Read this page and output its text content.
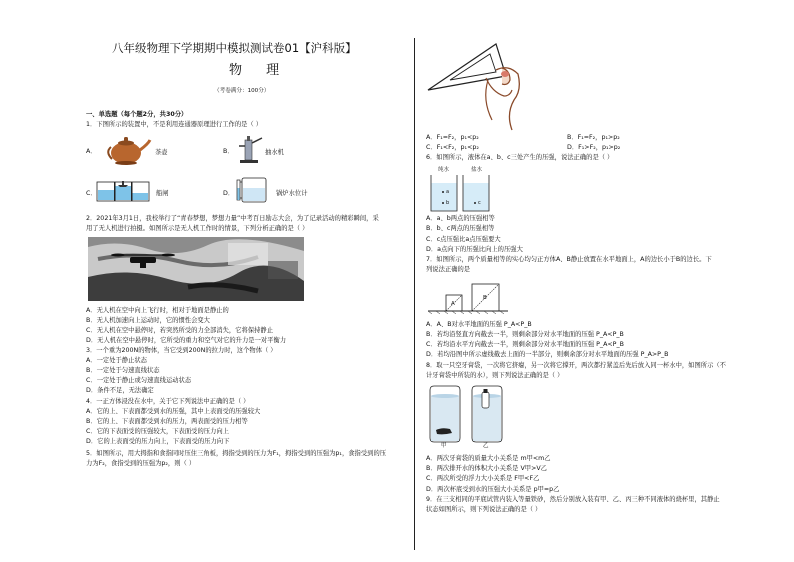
八年级物理下学期期中模拟测试卷01【沪科版】
物 理
（考卷满分：100分）
一、单选题（每个题2分，共30分）
1．下图所示的装置中，不是利用连通器原理进行工作的是（ ）
A．	茶壶	B．	抽水机
C．	船闸	D．	锅炉水位计
2．2021年3月1日，我校举行了“青春梦想，梦想力量”中考百日励志大会，为了记录活动的精彩瞬间，采
用了无人机进行拍摄。如图所示是无人机工作时的情景，下列分析正确的是（ ）
A．无人机在空中向上飞行时，相对于地面是静止的
B．无人机加速向上运动时，它的惯性会变大
C．无人机在空中悬停时，若突然所受的力全部消失，它将保持静止
D．无人机在空中悬停时，它所受的重力和空气对它的升力是一对平衡力
3．一个重为200N的物体，当它受到200N的拉力时，这个物体（ ）
A．一定处于静止状态
B．一定处于匀速直线状态
C．一定处于静止或匀速直线运动状态
D．条件不足，无法确定
4．一正方体浸没在水中，关于它下列说法中正确的是（ ）
A．它的上、下表面都受到水的压强，其中上表面受的压强较大
B．它的上、下表面都受到水的压力，两表面受的压力相等
C．它的下表面受的压强较大，下表面受的压力向上
D．它的上表面受的压力向上，下表面受的压力向下
5．如图所示，用大拇指和食指同时压住三角板，拇指受到的压力为F₁，拇指受到的压强为p₁，食指受到的压
力为F₂，食指受到的压强为p₂，则（ ）
A．F₁=F₂，p₁<p₂	B．F₁=F₂，p₁>p₂
C．F₁<F₂，p₁<p₂	D．F₁>F₂，p₁>p₂
6．如图所示，液体在a、b、c三处产生的压强，说法正确的是（ ）
纯水	盐水
a
b	c
A．a、b两点的压强相等
B．b、c两点的压强相等
C．c点压强比a点压强要大
D．a点向下的压强比向上的压强大
7．如图所示，两个质量相等的实心均匀正方体A、B静止放置在水平地面上，A的边长小于B的边长。下
列说法正确的是
A
B
A．A、B对水平地面的压强 P_A<P_B
B．若均沿竖直方向截去一半，则剩余部分对水平地面的压强 P_A<P_B
C．若均沿水平方向截去一半，则剩余部分对水平地面的压强 P_A<P_B
D．若均沿图中所示虚线截去上面的一半部分，则剩余部分对水平地面的压强 P_A>P_B
8．取一只空牙膏袋，一次将它挤瘪，另一次将它撑开，两次都拧紧盖后先后放入同一杯水中，如图所示（不
计牙膏袋中所装的水），则下列说法正确的是（ ）
甲	乙
A．两次牙膏袋的质量大小关系是 m甲<m乙
B．两次排开水的体积大小关系是 V甲>V乙
C．两次所受的浮力大小关系是 F甲<F乙
D．两次杯底受到水的压强大小关系是 p甲=p乙
9．在三支相同的平底试管内装入等量铁砂，然后分别放入装有甲、乙、丙三种不同液体的烧杯里，其静止
状态如图所示，则下列说法正确的是（ ）
